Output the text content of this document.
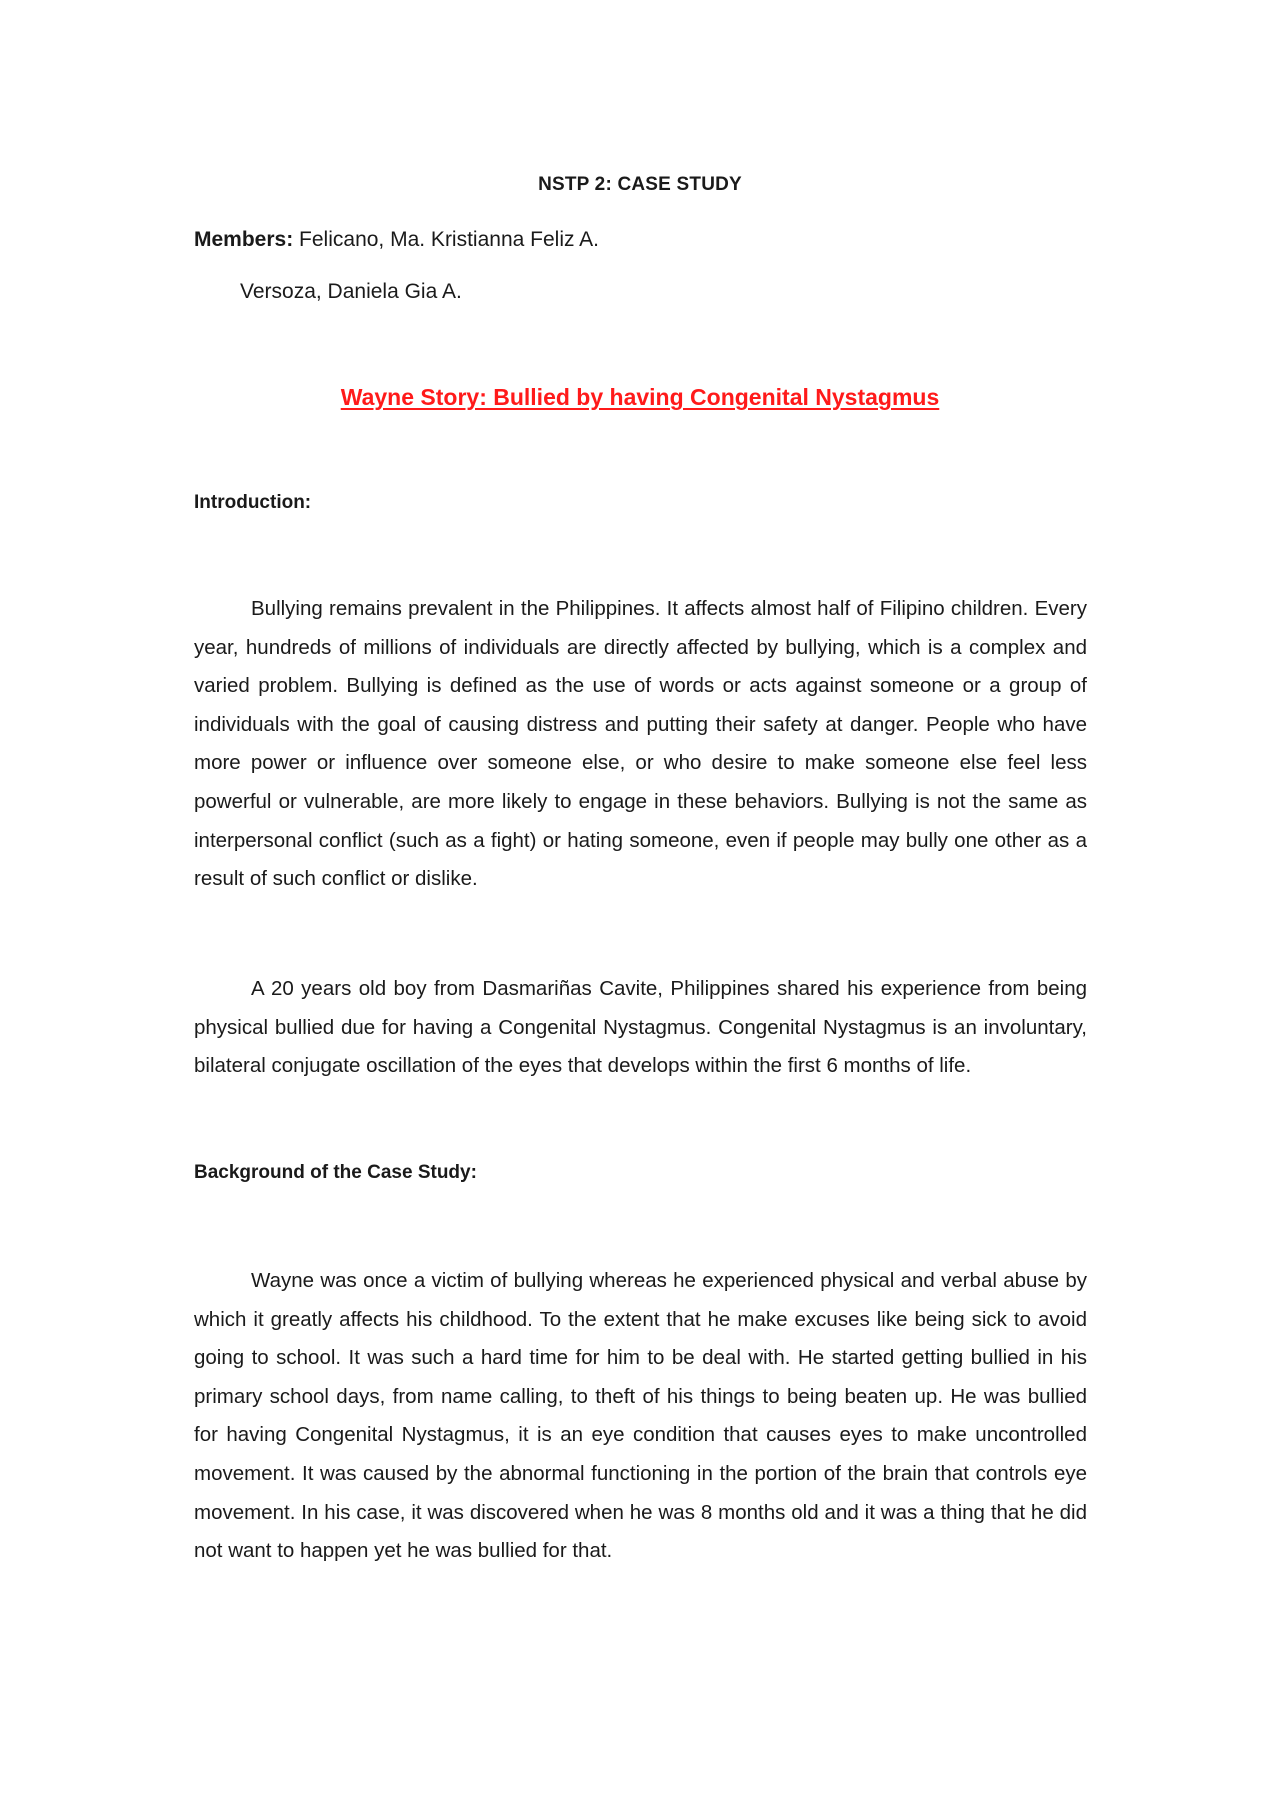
NSTP 2: CASE STUDY
Members: Felicano, Ma. Kristianna Feliz A.
Versoza, Daniela Gia A.
Wayne Story: Bullied by having Congenital Nystagmus
Introduction:

Bullying remains prevalent in the Philippines. It affects almost half of Filipino children. Every year, hundreds of millions of individuals are directly affected by bullying, which is a complex and varied problem. Bullying is defined as the use of words or acts against someone or a group of individuals with the goal of causing distress and putting their safety at danger. People who have more power or influence over someone else, or who desire to make someone else feel less powerful or vulnerable, are more likely to engage in these behaviors. Bullying is not the same as interpersonal conflict (such as a fight) or hating someone, even if people may bully one other as a result of such conflict or dislike.

A 20 years old boy from Dasmariñas Cavite, Philippines shared his experience from being physical bullied due for having a Congenital Nystagmus. Congenital Nystagmus is an involuntary, bilateral conjugate oscillation of the eyes that develops within the first 6 months of life.

Background of the Case Study:

Wayne was once a victim of bullying whereas he experienced physical and verbal abuse by which it greatly affects his childhood. To the extent that he make excuses like being sick to avoid going to school. It was such a hard time for him to be deal with. He started getting bullied in his primary school days, from name calling, to theft of his things to being beaten up. He was bullied for having Congenital Nystagmus, it is an eye condition that causes eyes to make uncontrolled movement. It was caused by the abnormal functioning in the portion of the brain that controls eye movement. In his case, it was discovered when he was 8 months old and it was a thing that he did not want to happen yet he was bullied for that.
